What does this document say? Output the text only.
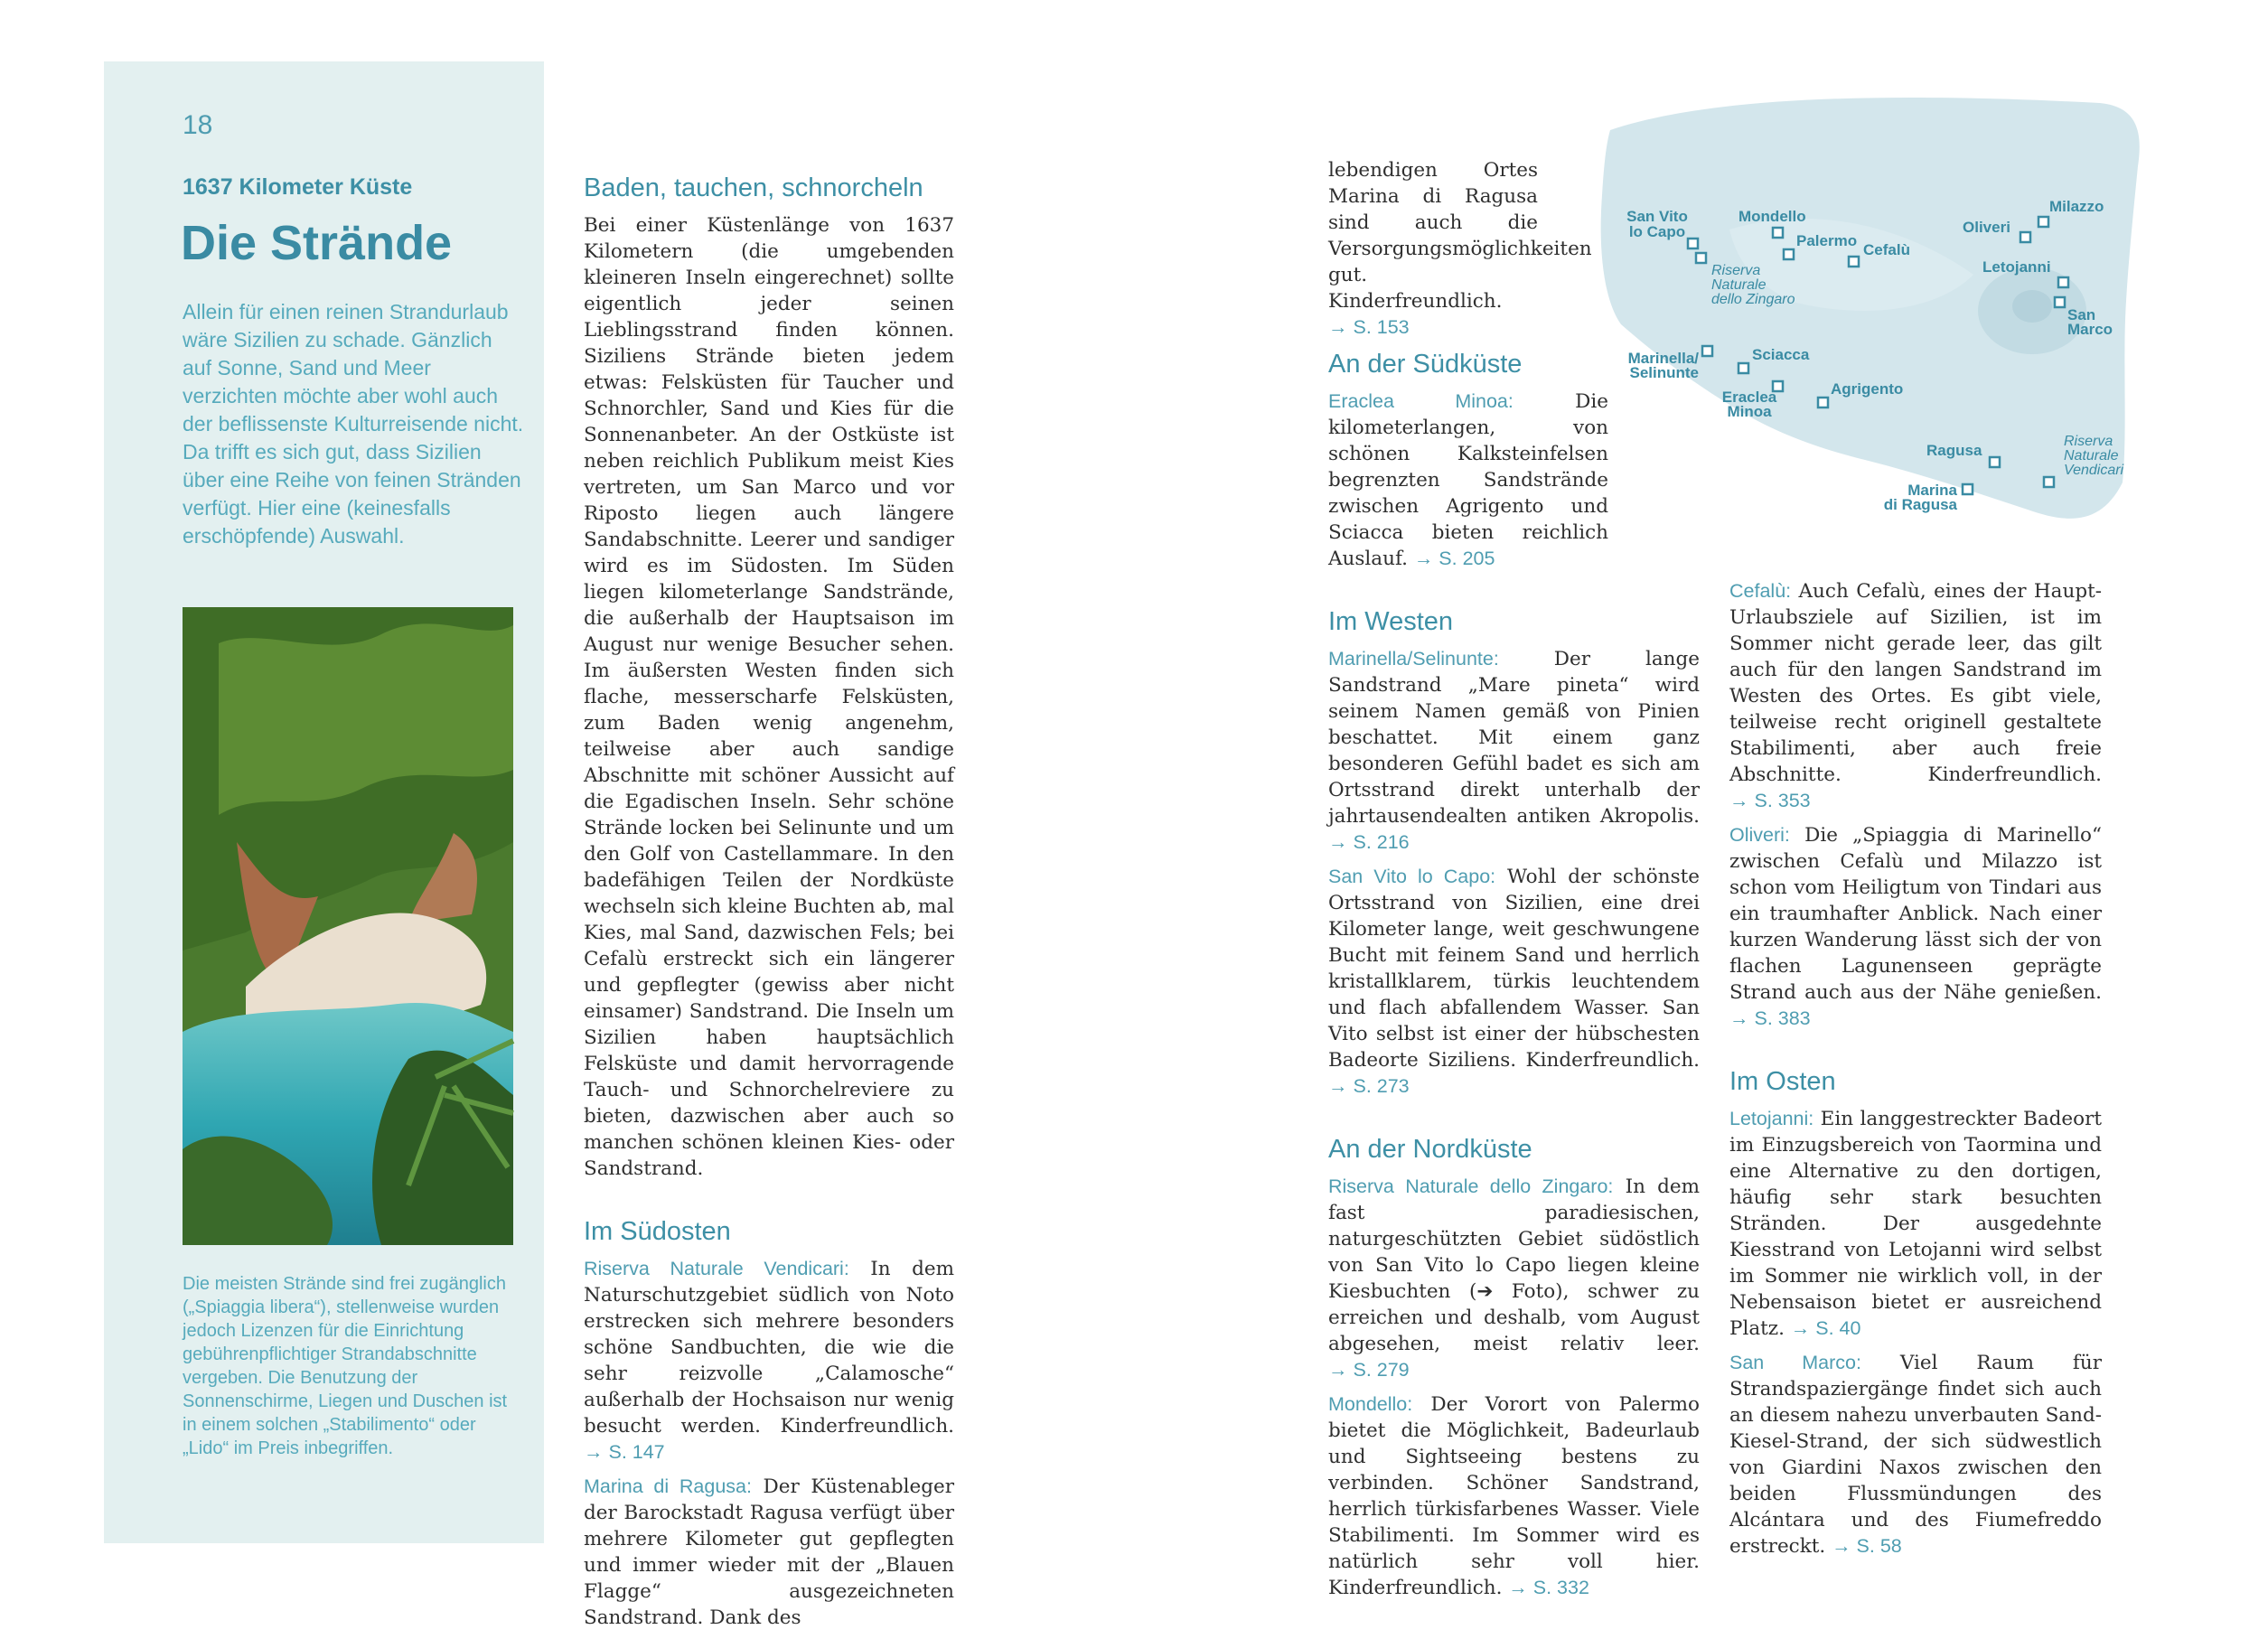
18
1637 Kilometer Küste
Die Strände

Allein für einen reinen Strandurlaub wäre Sizilien zu schade. Gänzlich auf Sonne, Sand und Meer verzichten möchte aber wohl auch der beflissenste Kulturreisende nicht. Da trifft es sich gut, dass Sizilien über eine Reihe von feinen Stränden verfügt. Hier eine (keinesfalls erschöpfende) Auswahl.

Die meisten Strände sind frei zugänglich („Spiaggia libera“), stellenweise wurden jedoch Lizenzen für die Einrichtung gebührenpflichtiger Strandabschnitte vergeben. Die Benutzung der Sonnenschirme, Liegen und Duschen ist in einem solchen „Stabilimento“ oder „Lido“ im Preis inbegriffen.

Baden, tauchen, schnorcheln

Bei einer Küstenlänge von 1637 Kilometern (die umgebenden kleineren Inseln eingerechnet) sollte eigentlich jeder seinen Lieblingsstrand finden können. Siziliens Strände bieten jedem etwas: Felsküsten für Taucher und Schnorchler, Sand und Kies für die Sonnenanbeter. An der Ostküste ist neben reichlich Publikum meist Kies vertreten, um San Marco und vor Riposto liegen auch längere Sandabschnitte. Leerer und sandiger wird es im Südosten. Im Süden liegen kilometerlange Sandstrände, die außerhalb der Hauptsaison im August nur wenige Besucher sehen. Im äußersten Westen finden sich flache, messerscharfe Felsküsten, zum Baden wenig angenehm, teilweise aber auch sandige Abschnitte mit schöner Aussicht auf die Egadischen Inseln. Sehr schöne Strände locken bei Selinunte und um den Golf von Castellammare. In den badefähigen Teilen der Nordküste wechseln sich kleine Buchten ab, mal Kies, mal Sand, dazwischen Fels; bei Cefalù erstreckt sich ein längerer und gepflegter (gewiss aber nicht einsamer) Sandstrand. Die Inseln um Sizilien haben hauptsächlich Felsküste und damit hervorragende Tauch- und Schnorchelreviere zu bieten, dazwischen aber auch so manchen schönen kleinen Kies- oder Sandstrand.

Im Südosten

Riserva Naturale Vendicari: In dem Naturschutzgebiet südlich von Noto erstrecken sich mehrere besonders schöne Sandbuchten, die wie die sehr reizvolle „Calamosche“ außerhalb der Hochsaison nur wenig besucht werden. Kinderfreundlich. → S. 147

Marina di Ragusa: Der Küstenableger der Barockstadt Ragusa verfügt über mehrere Kilometer gut gepflegten und immer wieder mit der „Blauen Flagge“ ausgezeichneten Sandstrand. Dank des

lebendigen Ortes Marina di Ragusa sind auch die Versorgungsmöglichkeiten gut. Kinderfreundlich. → S. 153

An der Südküste

Eraclea Minoa: Die kilometerlangen, von schönen Kalksteinfelsen begrenzten Sandstrände zwischen Agrigento und Sciacca bieten reichlich Auslauf. → S. 205

Im Westen

Marinella/Selinunte: Der lange Sandstrand „Mare pineta“ wird seinem Namen gemäß von Pinien beschattet. Mit einem ganz besonderen Gefühl badet es sich am Ortsstrand direkt unterhalb der jahrtausendealten antiken Akropolis. → S. 216

San Vito lo Capo: Wohl der schönste Ortsstrand von Sizilien, eine drei Kilometer lange, weit geschwungene Bucht mit feinem Sand und herrlich kristallklarem, türkis leuchtendem und flach abfallendem Wasser. San Vito selbst ist einer der hübschesten Badeorte Siziliens. Kinderfreundlich. → S. 273

An der Nordküste

Riserva Naturale dello Zingaro: In dem fast paradiesischen, naturgeschützten Gebiet südöstlich von San Vito lo Capo liegen kleine Kiesbuchten (➔ Foto), schwer zu erreichen und deshalb, vom August abgesehen, meist relativ leer. → S. 279

Mondello: Der Vorort von Palermo bietet die Möglichkeit, Badeurlaub und Sightseeing bestens zu verbinden. Schöner Sandstrand, herrlich türkisfarbenes Wasser. Viele Stabilimenti. Im Sommer wird es natürlich sehr voll hier. Kinderfreundlich. → S. 332

Cefalù: Auch Cefalù, eines der Haupt-Urlaubsziele auf Sizilien, ist im Sommer nicht gerade leer, das gilt auch für den langen Sandstrand im Westen des Ortes. Es gibt viele, teilweise recht originell gestaltete Stabilimenti, aber auch freie Abschnitte. Kinderfreundlich. → S. 353

Oliveri: Die „Spiaggia di Marinello“ zwischen Cefalù und Milazzo ist schon vom Heiligtum von Tindari aus ein traumhafter Anblick. Nach einer kurzen Wanderung lässt sich der von flachen Lagunenseen geprägte Strand auch aus der Nähe genießen. → S. 383

Im Osten

Letojanni: Ein langgestreckter Badeort im Einzugsbereich von Taormina und eine Alternative zu den dortigen, häufig sehr stark besuchten Stränden. Der ausgedehnte Kiesstrand von Letojanni wird selbst im Sommer nie wirklich voll, in der Nebensaison bietet er ausreichend Platz. → S. 40

San Marco: Viel Raum für Strandspaziergänge findet sich auch an diesem nahezu unverbauten Sand-Kiesel-Strand, der sich südwestlich von Giardini Naxos zwischen den beiden Flussmündungen des Alcántara und des Fiumefreddo erstreckt. → S. 58

San Vito lo Capo
Mondello
Palermo
Cefalù
Oliveri
Milazzo
Letojanni
San Marco
Marinella/ Selinunte
Sciacca
Eraclea Minoa
Agrigento
Ragusa
Marina di Ragusa
Riserva Naturale dello Zingaro
Riserva Naturale Vendicari
